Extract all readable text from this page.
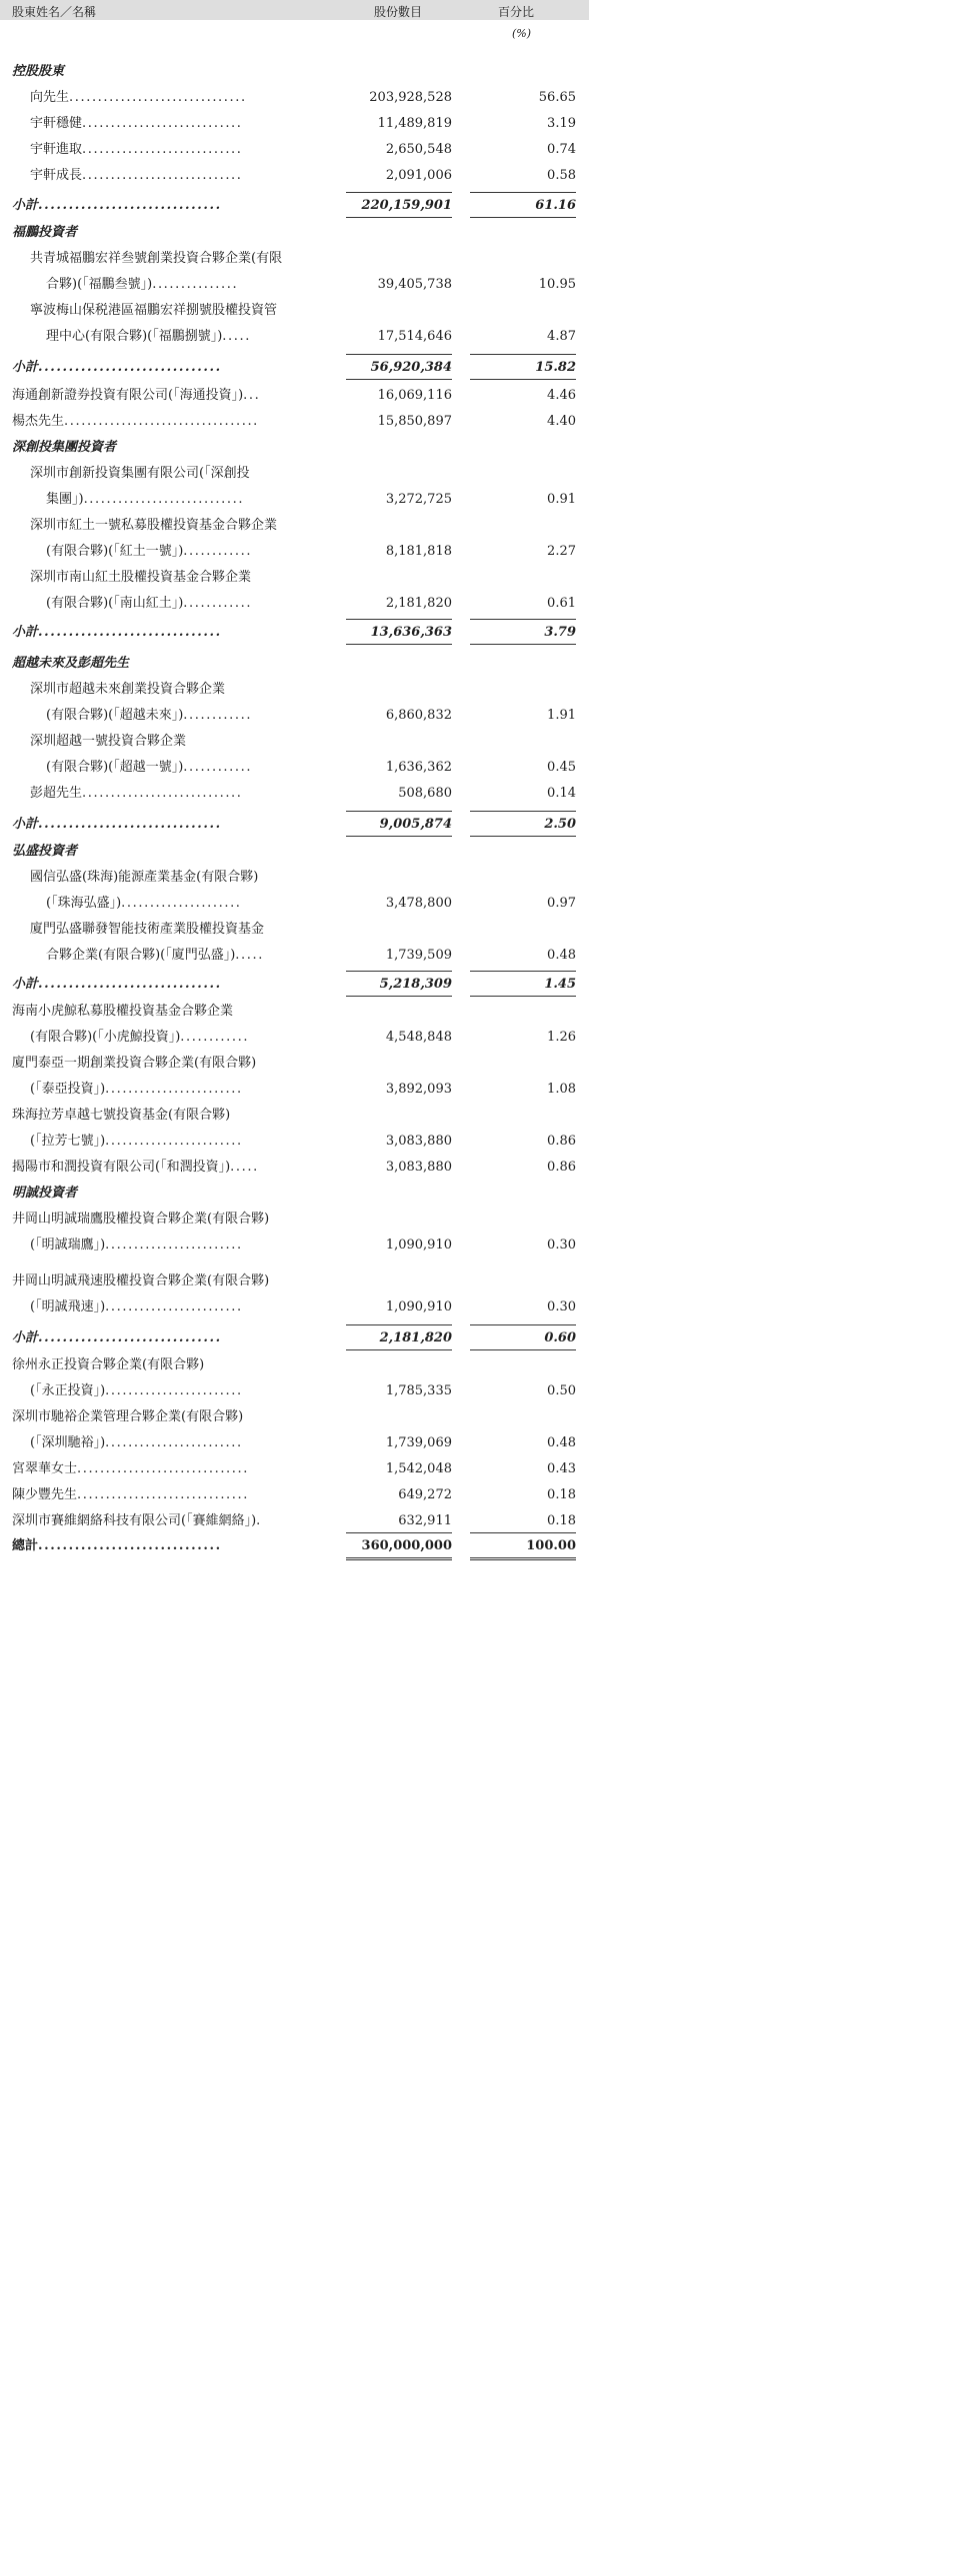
股東姓名／名稱	股份數目	百分比
(%)
控股股東
向先生...............................	203,928,528	56.65
宇軒穩健............................	11,489,819	3.19
宇軒進取............................	2,650,548	0.74
宇軒成長............................	2,091,006	0.58
小計..............................	220,159,901	61.16
福鵬投資者
共青城福鵬宏祥叁號創業投資合夥企業(有限
合夥)(「福鵬叁號」)...............	39,405,738	10.95
寧波梅山保税港區福鵬宏祥捌號股權投資管
理中心(有限合夥)(「福鵬捌號」).....	17,514,646	4.87
小計..............................	56,920,384	15.82
海通創新證券投資有限公司(「海通投資」)...	16,069,116	4.46
楊杰先生..................................	15,850,897	4.40
深創投集團投資者
深圳市創新投資集團有限公司(「深創投
集團」)............................	3,272,725	0.91
深圳市紅土一號私募股權投資基金合夥企業
(有限合夥)(「紅土一號」)............	8,181,818	2.27
深圳市南山紅土股權投資基金合夥企業
(有限合夥)(「南山紅土」)............	2,181,820	0.61
小計..............................	13,636,363	3.79
超越未來及彭超先生
深圳市超越未來創業投資合夥企業
(有限合夥)(「超越未來」)............	6,860,832	1.91
深圳超越一號投資合夥企業
(有限合夥)(「超越一號」)............	1,636,362	0.45
彭超先生............................	508,680	0.14
小計..............................	9,005,874	2.50
弘盛投資者
國信弘盛(珠海)能源產業基金(有限合夥)
(「珠海弘盛」).....................	3,478,800	0.97
廈門弘盛聯發智能技術產業股權投資基金
合夥企業(有限合夥)(「廈門弘盛」).....	1,739,509	0.48
小計..............................	5,218,309	1.45
海南小虎鯨私募股權投資基金合夥企業
(有限合夥)(「小虎鯨投資」)............	4,548,848	1.26
廈門泰亞一期創業投資合夥企業(有限合夥)
(「泰亞投資」)........................	3,892,093	1.08
珠海拉芳卓越七號投資基金(有限合夥)
(「拉芳七號」)........................	3,083,880	0.86
揭陽市和潤投資有限公司(「和潤投資」).....	3,083,880	0.86
明誠投資者
井岡山明誠瑞鷹股權投資合夥企業(有限合夥)
(「明誠瑞鷹」)........................	1,090,910	0.30
井岡山明誠飛速股權投資合夥企業(有限合夥)
(「明誠飛速」)........................	1,090,910	0.30
小計..............................	2,181,820	0.60
徐州永正投資合夥企業(有限合夥)
(「永正投資」)........................	1,785,335	0.50
深圳市馳裕企業管理合夥企業(有限合夥)
(「深圳馳裕」)........................	1,739,069	0.48
宮翠華女士..............................	1,542,048	0.43
陳少豐先生..............................	649,272	0.18
深圳市賽維網絡科技有限公司(「賽維網絡」).	632,911	0.18
總計..............................	360,000,000	100.00
